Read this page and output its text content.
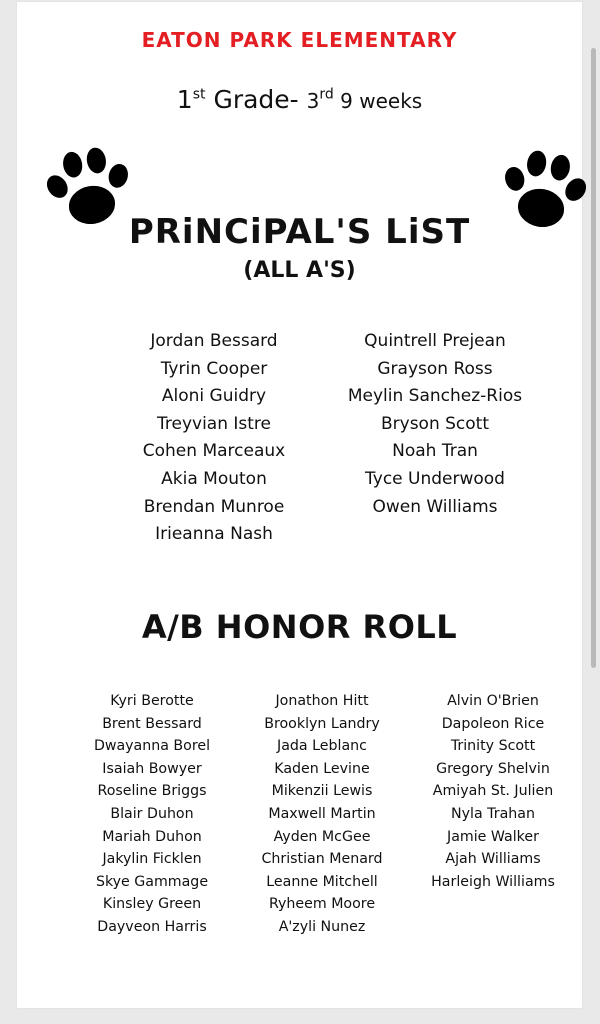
EATON PARK ELEMENTARY
1st Grade- 3rd 9 weeks
PRiNCiPAL'S LiST
(ALL A'S)
Jordan Bessard
Tyrin Cooper
Aloni Guidry
Treyvian Istre
Cohen Marceaux
Akia Mouton
Brendan Munroe
Irieanna Nash
Quintrell Prejean
Grayson Ross
Meylin Sanchez-Rios
Bryson Scott
Noah Tran
Tyce Underwood
Owen Williams
A/B HONOR ROLL
Kyri Berotte
Brent Bessard
Dwayanna Borel
Isaiah Bowyer
Roseline Briggs
Blair Duhon
Mariah Duhon
Jakylin Ficklen
Skye Gammage
Kinsley Green
Dayveon Harris
Jonathon Hitt
Brooklyn Landry
Jada Leblanc
Kaden Levine
Mikenzii Lewis
Maxwell Martin
Ayden McGee
Christian Menard
Leanne Mitchell
Ryheem Moore
A'zyli Nunez
Alvin O'Brien
Dapoleon Rice
Trinity Scott
Gregory Shelvin
Amiyah St. Julien
Nyla Trahan
Jamie Walker
Ajah Williams
Harleigh Williams
